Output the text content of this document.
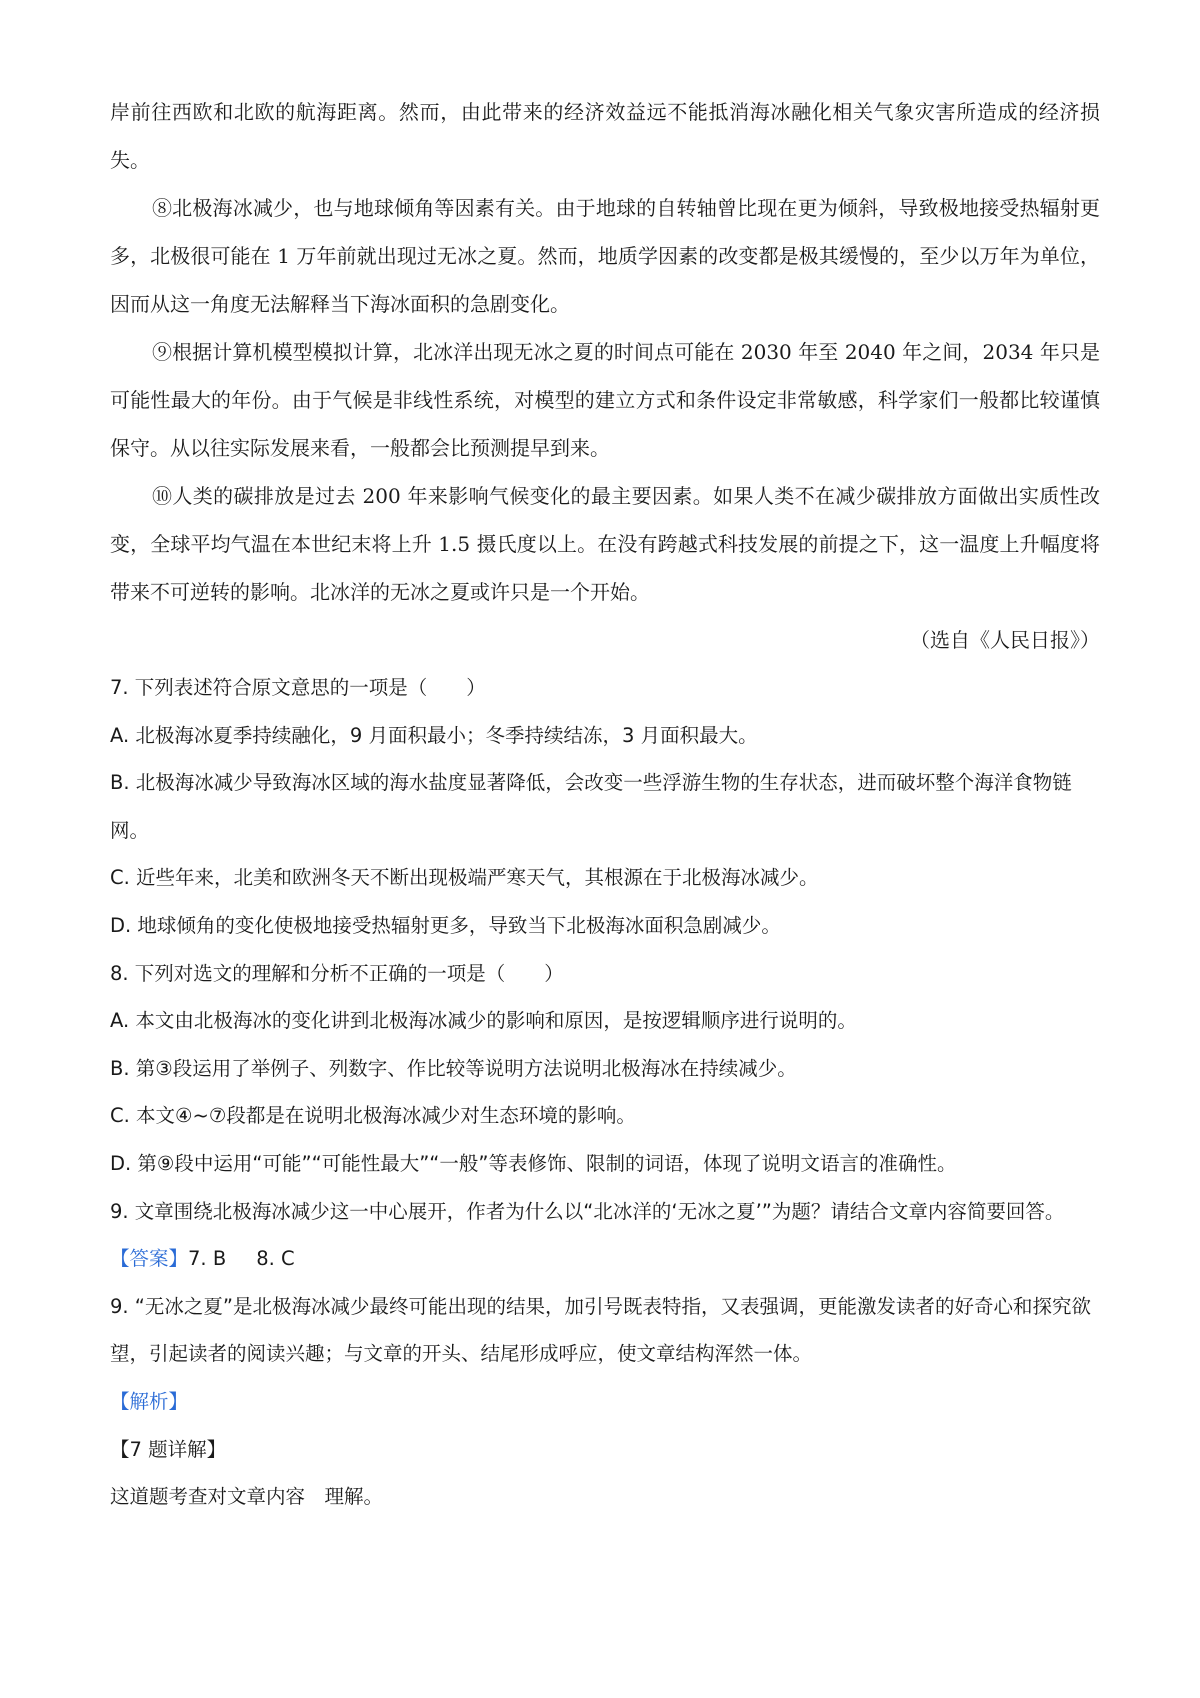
岸前往西欧和北欧的航海距离。然而，由此带来的经济效益远不能抵消海冰融化相关气象灾害所造成的经济损失。

⑧北极海冰减少，也与地球倾角等因素有关。由于地球的自转轴曾比现在更为倾斜，导致极地接受热辐射更多，北极很可能在 1 万年前就出现过无冰之夏。然而，地质学因素的改变都是极其缓慢的，至少以万年为单位，因而从这一角度无法解释当下海冰面积的急剧变化。

⑨根据计算机模型模拟计算，北冰洋出现无冰之夏的时间点可能在 2030 年至 2040 年之间，2034 年只是可能性最大的年份。由于气候是非线性系统，对模型的建立方式和条件设定非常敏感，科学家们一般都比较谨慎保守。从以往实际发展来看，一般都会比预测提早到来。

⑩人类的碳排放是过去 200 年来影响气候变化的最主要因素。如果人类不在减少碳排放方面做出实质性改变，全球平均气温在本世纪末将上升 1.5 摄氏度以上。在没有跨越式科技发展的前提之下，这一温度上升幅度将带来不可逆转的影响。北冰洋的无冰之夏或许只是一个开始。

（选自《人民日报》）

7. 下列表述符合原文意思的一项是（　　）

A. 北极海冰夏季持续融化，9 月面积最小；冬季持续结冻，3 月面积最大。

B. 北极海冰减少导致海冰区域的海水盐度显著降低，会改变一些浮游生物的生存状态，进而破坏整个海洋食物链网。

C. 近些年来，北美和欧洲冬天不断出现极端严寒天气，其根源在于北极海冰减少。

D. 地球倾角的变化使极地接受热辐射更多，导致当下北极海冰面积急剧减少。

8. 下列对选文的理解和分析不正确的一项是（　　）

A. 本文由北极海冰的变化讲到北极海冰减少的影响和原因，是按逻辑顺序进行说明的。

B. 第③段运用了举例子、列数字、作比较等说明方法说明北极海冰在持续减少。

C. 本文④~⑦段都是在说明北极海冰减少对生态环境的影响。

D. 第⑨段中运用“可能”“可能性最大”“一般”等表修饰、限制的词语，体现了说明文语言的准确性。

9. 文章围绕北极海冰减少这一中心展开，作者为什么以“北冰洋的‘无冰之夏’”为题？请结合文章内容简要回答。

【答案】7. B 8. C

9. “无冰之夏”是北极海冰减少最终可能出现的结果，加引号既表特指，又表强调，更能激发读者的好奇心和探究欲望，引起读者的阅读兴趣；与文章的开头、结尾形成呼应，使文章结构浑然一体。

【解析】

【7 题详解】

这道题考查对文章内容　理解。
